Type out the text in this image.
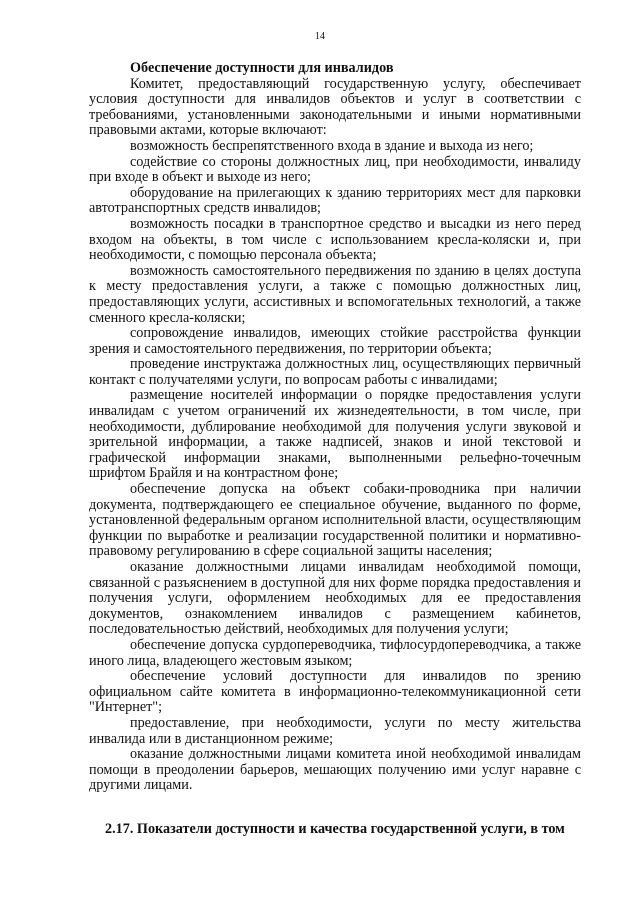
14

Обеспечение доступности для инвалидов

Комитет, предоставляющий государственную услугу, обеспечивает условия доступности для инвалидов объектов и услуг в соответствии с требованиями, установленными законодательными и иными нормативными правовыми актами, которые включают:

возможность беспрепятственного входа в здание и выхода из него;

содействие со стороны должностных лиц, при необходимости, инвалиду при входе в объект и выходе из него;

оборудование на прилегающих к зданию территориях мест для парковки автотранспортных средств инвалидов;

возможность посадки в транспортное средство и высадки из него перед входом на объекты, в том числе с использованием кресла-коляски и, при необходимости, с помощью персонала объекта;

возможность самостоятельного передвижения по зданию в целях доступа к месту предоставления услуги, а также с помощью должностных лиц, предоставляющих услуги, ассистивных и вспомогательных технологий, а также сменного кресла-коляски;

сопровождение инвалидов, имеющих стойкие расстройства функции зрения и самостоятельного передвижения, по территории объекта;

проведение инструктажа должностных лиц, осуществляющих первичный контакт с получателями услуги, по вопросам работы с инвалидами;

размещение носителей информации о порядке предоставления услуги инвалидам с учетом ограничений их жизнедеятельности, в том числе, при необходимости, дублирование необходимой для получения услуги звуковой и зрительной информации, а также надписей, знаков и иной текстовой и графической информации знаками, выполненными рельефно-точечным шрифтом Брайля и на контрастном фоне;

обеспечение допуска на объект собаки-проводника при наличии документа, подтверждающего ее специальное обучение, выданного по форме, установленной федеральным органом исполнительной власти, осуществляющим функции по выработке и реализации государственной политики и нормативно-правовому регулированию в сфере социальной защиты населения;

оказание должностными лицами инвалидам необходимой помощи, связанной с разъяснением в доступной для них форме порядка предоставления и получения услуги, оформлением необходимых для ее предоставления документов, ознакомлением инвалидов с размещением кабинетов, последовательностью действий, необходимых для получения услуги;

обеспечение допуска сурдопереводчика, тифлосурдопереводчика, а также иного лица, владеющего жестовым языком;

обеспечение условий доступности для инвалидов по зрению официальном сайте комитета в информационно-телекоммуникационной сети "Интернет";

предоставление, при необходимости, услуги по месту жительства инвалида или в дистанционном режиме;

оказание должностными лицами комитета иной необходимой инвалидам помощи в преодолении барьеров, мешающих получению ими услуг наравне с другими лицами.

2.17. Показатели доступности и качества государственной услуги, в том
